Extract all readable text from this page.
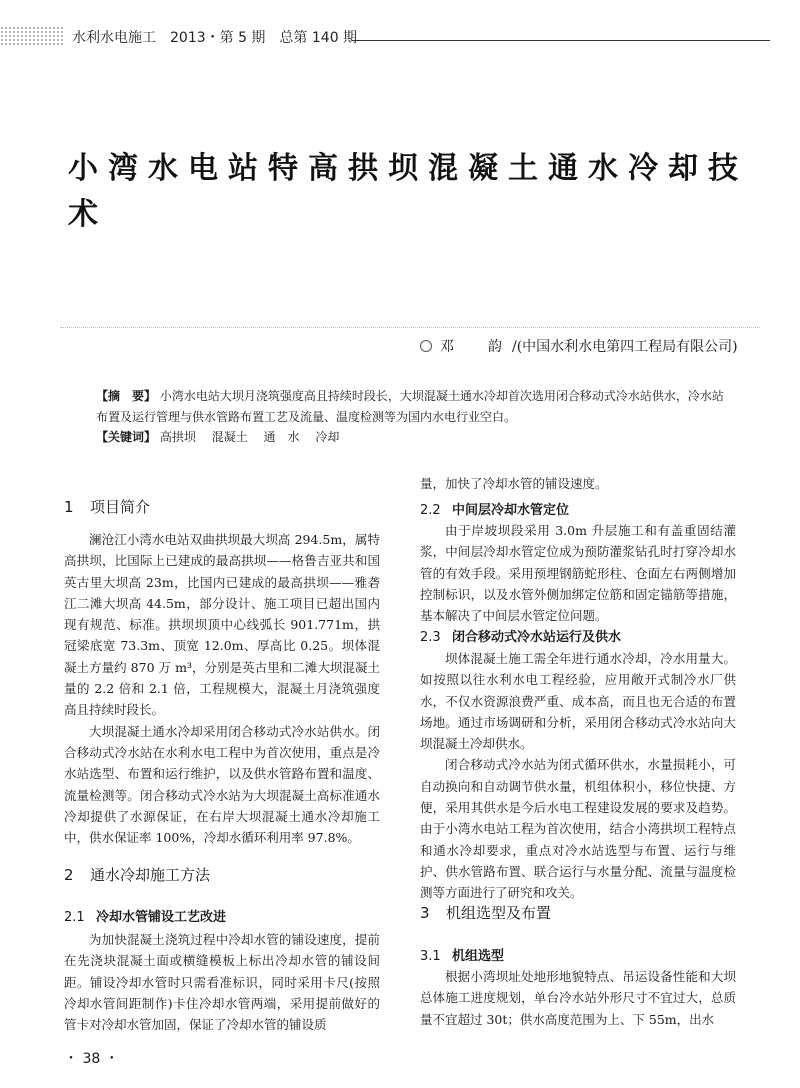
水利水电施工　2013・第 5 期　总第 140 期
小湾水电站特高拱坝混凝土通水冷却技术
邓　韵/(中国水利水电第四工程局有限公司)
【摘　要】 小湾水电站大坝月浇筑强度高且持续时段长，大坝混凝土通水冷却首次选用闭合移动式冷水站供水，冷水站布置及运行管理与供水管路布置工艺及流量、温度检测等为国内水电行业空白。
【关键词】 高拱坝 混凝土 通　水 冷却
1 项目简介

澜沧江小湾水电站双曲拱坝最大坝高 294.5m，属特高拱坝，比国际上已建成的最高拱坝——格鲁吉亚共和国英古里大坝高 23m，比国内已建成的最高拱坝——雅砻江二滩大坝高 44.5m，部分设计、施工项目已超出国内现有规范、标准。拱坝坝顶中心线弧长 901.771m，拱冠梁底宽 73.3m、顶宽 12.0m、厚高比 0.25。坝体混凝土方量约 870 万 m³，分别是英古里和二滩大坝混凝土量的 2.2 倍和 2.1 倍，工程规模大，混凝土月浇筑强度高且持续时段长。

大坝混凝土通水冷却采用闭合移动式冷水站供水。闭合移动式冷水站在水利水电工程中为首次使用，重点是冷水站选型、布置和运行维护，以及供水管路布置和温度、流量检测等。闭合移动式冷水站为大坝混凝土高标准通水冷却提供了水源保证，在右岸大坝混凝土通水冷却施工中，供水保证率 100%，冷却水循环利用率 97.8%。

2 通水冷却施工方法
2.1 冷却水管铺设工艺改进

为加快混凝土浇筑过程中冷却水管的铺设速度，提前在先浇块混凝土面或横缝模板上标出冷却水管的铺设间距。铺设冷却水管时只需看准标识，同时采用卡尺(按照冷却水管间距制作)卡住冷却水管两端，采用提前做好的管卡对冷却水管加固，保证了冷却水管的铺设质

量，加快了冷却水管的铺设速度。

2.2 中间层冷却水管定位

由于岸坡坝段采用 3.0m 升层施工和有盖重固结灌浆，中间层冷却水管定位成为预防灌浆钻孔时打穿冷却水管的有效手段。采用预埋钢筋蛇形柱、仓面左右两侧增加控制标识，以及水管外侧加绑定位筋和固定锚筋等措施，基本解决了中间层水管定位问题。

2.3 闭合移动式冷水站运行及供水

坝体混凝土施工需全年进行通水冷却，冷水用量大。如按照以往水利水电工程经验，应用敞开式制冷水厂供水，不仅水资源浪费严重、成本高，而且也无合适的布置场地。通过市场调研和分析，采用闭合移动式冷水站向大坝混凝土冷却供水。

闭合移动式冷水站为闭式循环供水，水量损耗小，可自动换向和自动调节供水量，机组体积小，移位快捷、方便，采用其供水是今后水电工程建设发展的要求及趋势。由于小湾水电站工程为首次使用，结合小湾拱坝工程特点和通水冷却要求，重点对冷水站选型与布置、运行与维护、供水管路布置、联合运行与水量分配、流量与温度检测等方面进行了研究和攻关。

3 机组选型及布置
3.1 机组选型

根据小湾坝址处地形地貌特点、吊运设备性能和大坝总体施工进度规划，单台冷水站外形尺寸不宜过大，总质量不宜超过 30t；供水高度范围为上、下 55m，出水

・ 38 ・
